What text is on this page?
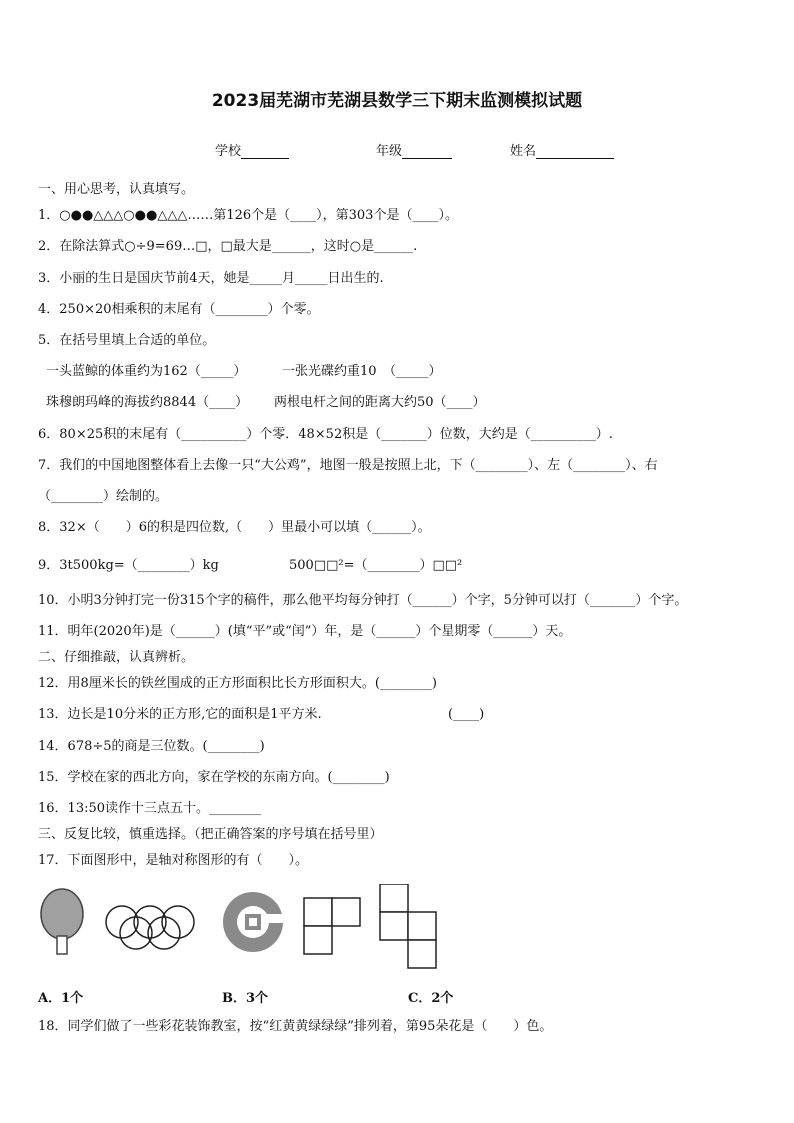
2023届芜湖市芜湖县数学三下期末监测模拟试题
学校	年级	姓名
一、用心思考，认真填写。
1．○●●△△△○●●△△△……第126个是（____），第303个是（____）。
2．在除法算式○÷9=69…□，□最大是______，这时○是______.
3．小丽的生日是国庆节前4天，她是_____月_____日出生的.
4．250×20相乘积的末尾有（________）个零。
5．在括号里填上合适的单位。
一头蓝鲸的体重约为162（_____）	一张光碟约重10　（_____）
珠穆朗玛峰的海拔约8844（____） 两根电杆之间的距离大约50（____）
6．80×25积的末尾有（__________）个零．48×52积是（_______）位数，大约是（__________）.
7．我们的中国地图整体看上去像一只“大公鸡”，地图一般是按照上北，下（________）、左（________）、右
（________）绘制的。
8．32×（　　）6的积是四位数,（　　）里最小可以填（______）。
9．3t500kg=（________）kg	500□□²=（________）□□²
10．小明3分钟打完一份315个字的稿件，那么他平均每分钟打（______）个字，5分钟可以打（_______）个字。
11．明年(2020年)是（______）(填“平”或“闰”）年，是（______）个星期零（______）天。
二、仔细推敲，认真辨析。
12．用8厘米长的铁丝围成的正方形面积比长方形面积大。(________)
13．边长是10分米的正方形,它的面积是1平方米.	(____)
14．678÷5的商是三位数。(________)
15．学校在家的西北方向，家在学校的东南方向。(________)
16．13:50读作十三点五十。________
三、反复比较，慎重选择。（把正确答案的序号填在括号里）
17．下面图形中，是轴对称图形的有（　　）。
A．1个	B．3个	C．2个
18．同学们做了一些彩花装饰教室，按“红黄黄绿绿绿”排列着，第95朵花是（　　）色。
